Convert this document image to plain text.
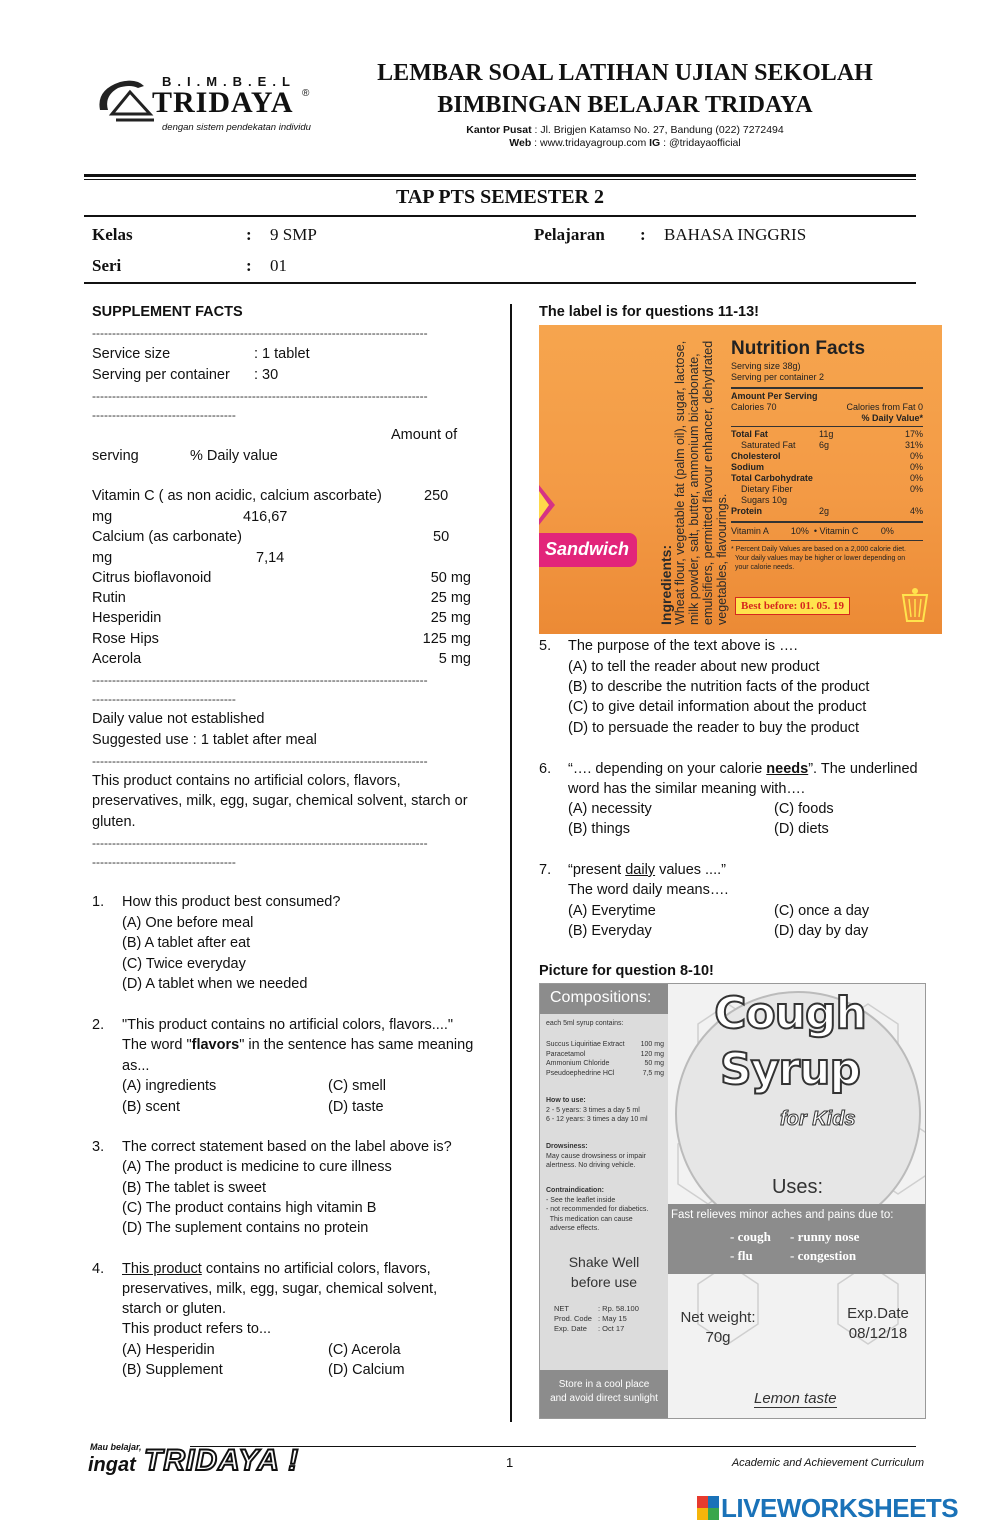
B.I.M.B.E.L
TRIDAYA ®
dengan sistem pendekatan individu
LEMBAR SOAL LATIHAN UJIAN SEKOLAH
BIMBINGAN BELAJAR TRIDAYA
Kantor Pusat : Jl. Brigjen Katamso No. 27, Bandung (022) 7272494
Web : www.tridayagroup.com IG : @tridayaofficial
TAP PTS SEMESTER 2
Kelas	: 9 SMP	Pelajaran : BAHASA INGGRIS
Seri	: 01
SUPPLEMENT FACTS
------------------------------------------------------------------------------------
Service size	: 1 tablet
Serving per container : 30
------------------------------------------------------------------------------------
------------------------------------
Amount of
serving	% Daily value
Vitamin C ( as non acidic, calcium ascorbate)	250
mg	416,67
Calcium (as carbonate)	50
mg	7,14
Citrus bioflavonoid	50 mg
Rutin	25 mg
Hesperidin	25 mg
Rose Hips	125 mg
Acerola	5 mg
------------------------------------------------------------------------------------
------------------------------------
Daily value not established
Suggested use : 1 tablet after meal
------------------------------------------------------------------------------------
This product contains no artificial colors, flavors,
preservatives, milk, egg, sugar, chemical solvent, starch or
gluten.
------------------------------------------------------------------------------------
------------------------------------
1. How this product best consumed?
(A) One before meal
(B) A tablet after eat
(C) Twice everyday
(D) A tablet when we needed
2. "This product contains no artificial colors, flavors...."
The word "flavors" in the sentence has same meaning
as...
(A) ingredients
(B) scent
(C) smell
(D) taste
3. The correct statement based on the label above is?
(A) The product is medicine to cure illness
(B) The tablet is sweet
(C) The product contains high vitamin B
(D) The suplement contains no protein
4. This product contains no artificial colors, flavors,
preservatives, milk, egg, sugar, chemical solvent,
starch or gluten.
This product refers to...
(A) Hesperidin
(B) Supplement
(C) Acerola
(D) Calcium
The label is for questions 11-13!
Sandwich Ingredients: Wheat flour, vegetable fat (palm oil), sugar, lactose, milk powder, salt, butter, ammonium bicarbonate, emulsifiers, permitted flavour enhancer, dehydrated vegetables, flavourings.
Nutrition Facts
Serving size 38g)
Serving per container 2
Amount Per Serving
Calories 70	Calories from Fat 0
% Daily Value*
Total Fat	11g	17%
Saturated Fat	6g	31%
Cholesterol	0%
Sodium	0%
Total Carbohydrate	0%
Dietary Fiber	0%
Sugars 10g
Protein	2g	4%
Vitamin A         10%  • Vitamin C         0%
* Percent Daily Values are based on a 2,000 calorie diet.
Your daily values may be higher or lower depending on
your calorie needs.
Best before: 01. 05. 19
5. The purpose of the text above is ….
(A) to tell the reader about new product
(B) to describe the nutrition facts of the product
(C) to give detail information about the product
(D) to persuade the reader to buy the product
6. “…. depending on your calorie needs”. The underlined
word has the similar meaning with….
(A) necessity
(B) things
(C) foods
(D) diets
7. “present daily values ....”
The word daily means….
(A) Everytime
(B) Everyday
(C) once a day
(D) day by day
Picture for question 8-10!
Compositions:
each 5ml syrup contains:
Succus Liquiritiae Extract 100 mg
Paracetamol	120 mg
Ammonium Chloride	50 mg
Pseudoephedrine HCl	7,5 mg
How to use:
2 - 5 years: 3 times a day 5 ml
6 - 12 years: 3 times a day 10 ml
Drowsiness:
May cause drowsiness or impair
alertness. No driving vehicle.
Contraindication:
- See the leaflet inside
- not recommended for diabetics.
This medication can cause
adverse effects.
Shake Well
before use
NET	: Rp. 58.100
Prod. Code : May 15
Exp. Date : Oct 17
Store in a cool place
and avoid direct sunlight
Cough
Syrup
for Kids
Uses:
Fast relieves minor aches and pains due to:
- cough - runny nose
- flu	- congestion
Net weight:
70g
Exp.Date
08/12/18
Lemon taste
Mau belajar,
ingat TRIDAYA !	1	Academic and Achievement Curriculum
LIVE LIVEWORKSHEETS
